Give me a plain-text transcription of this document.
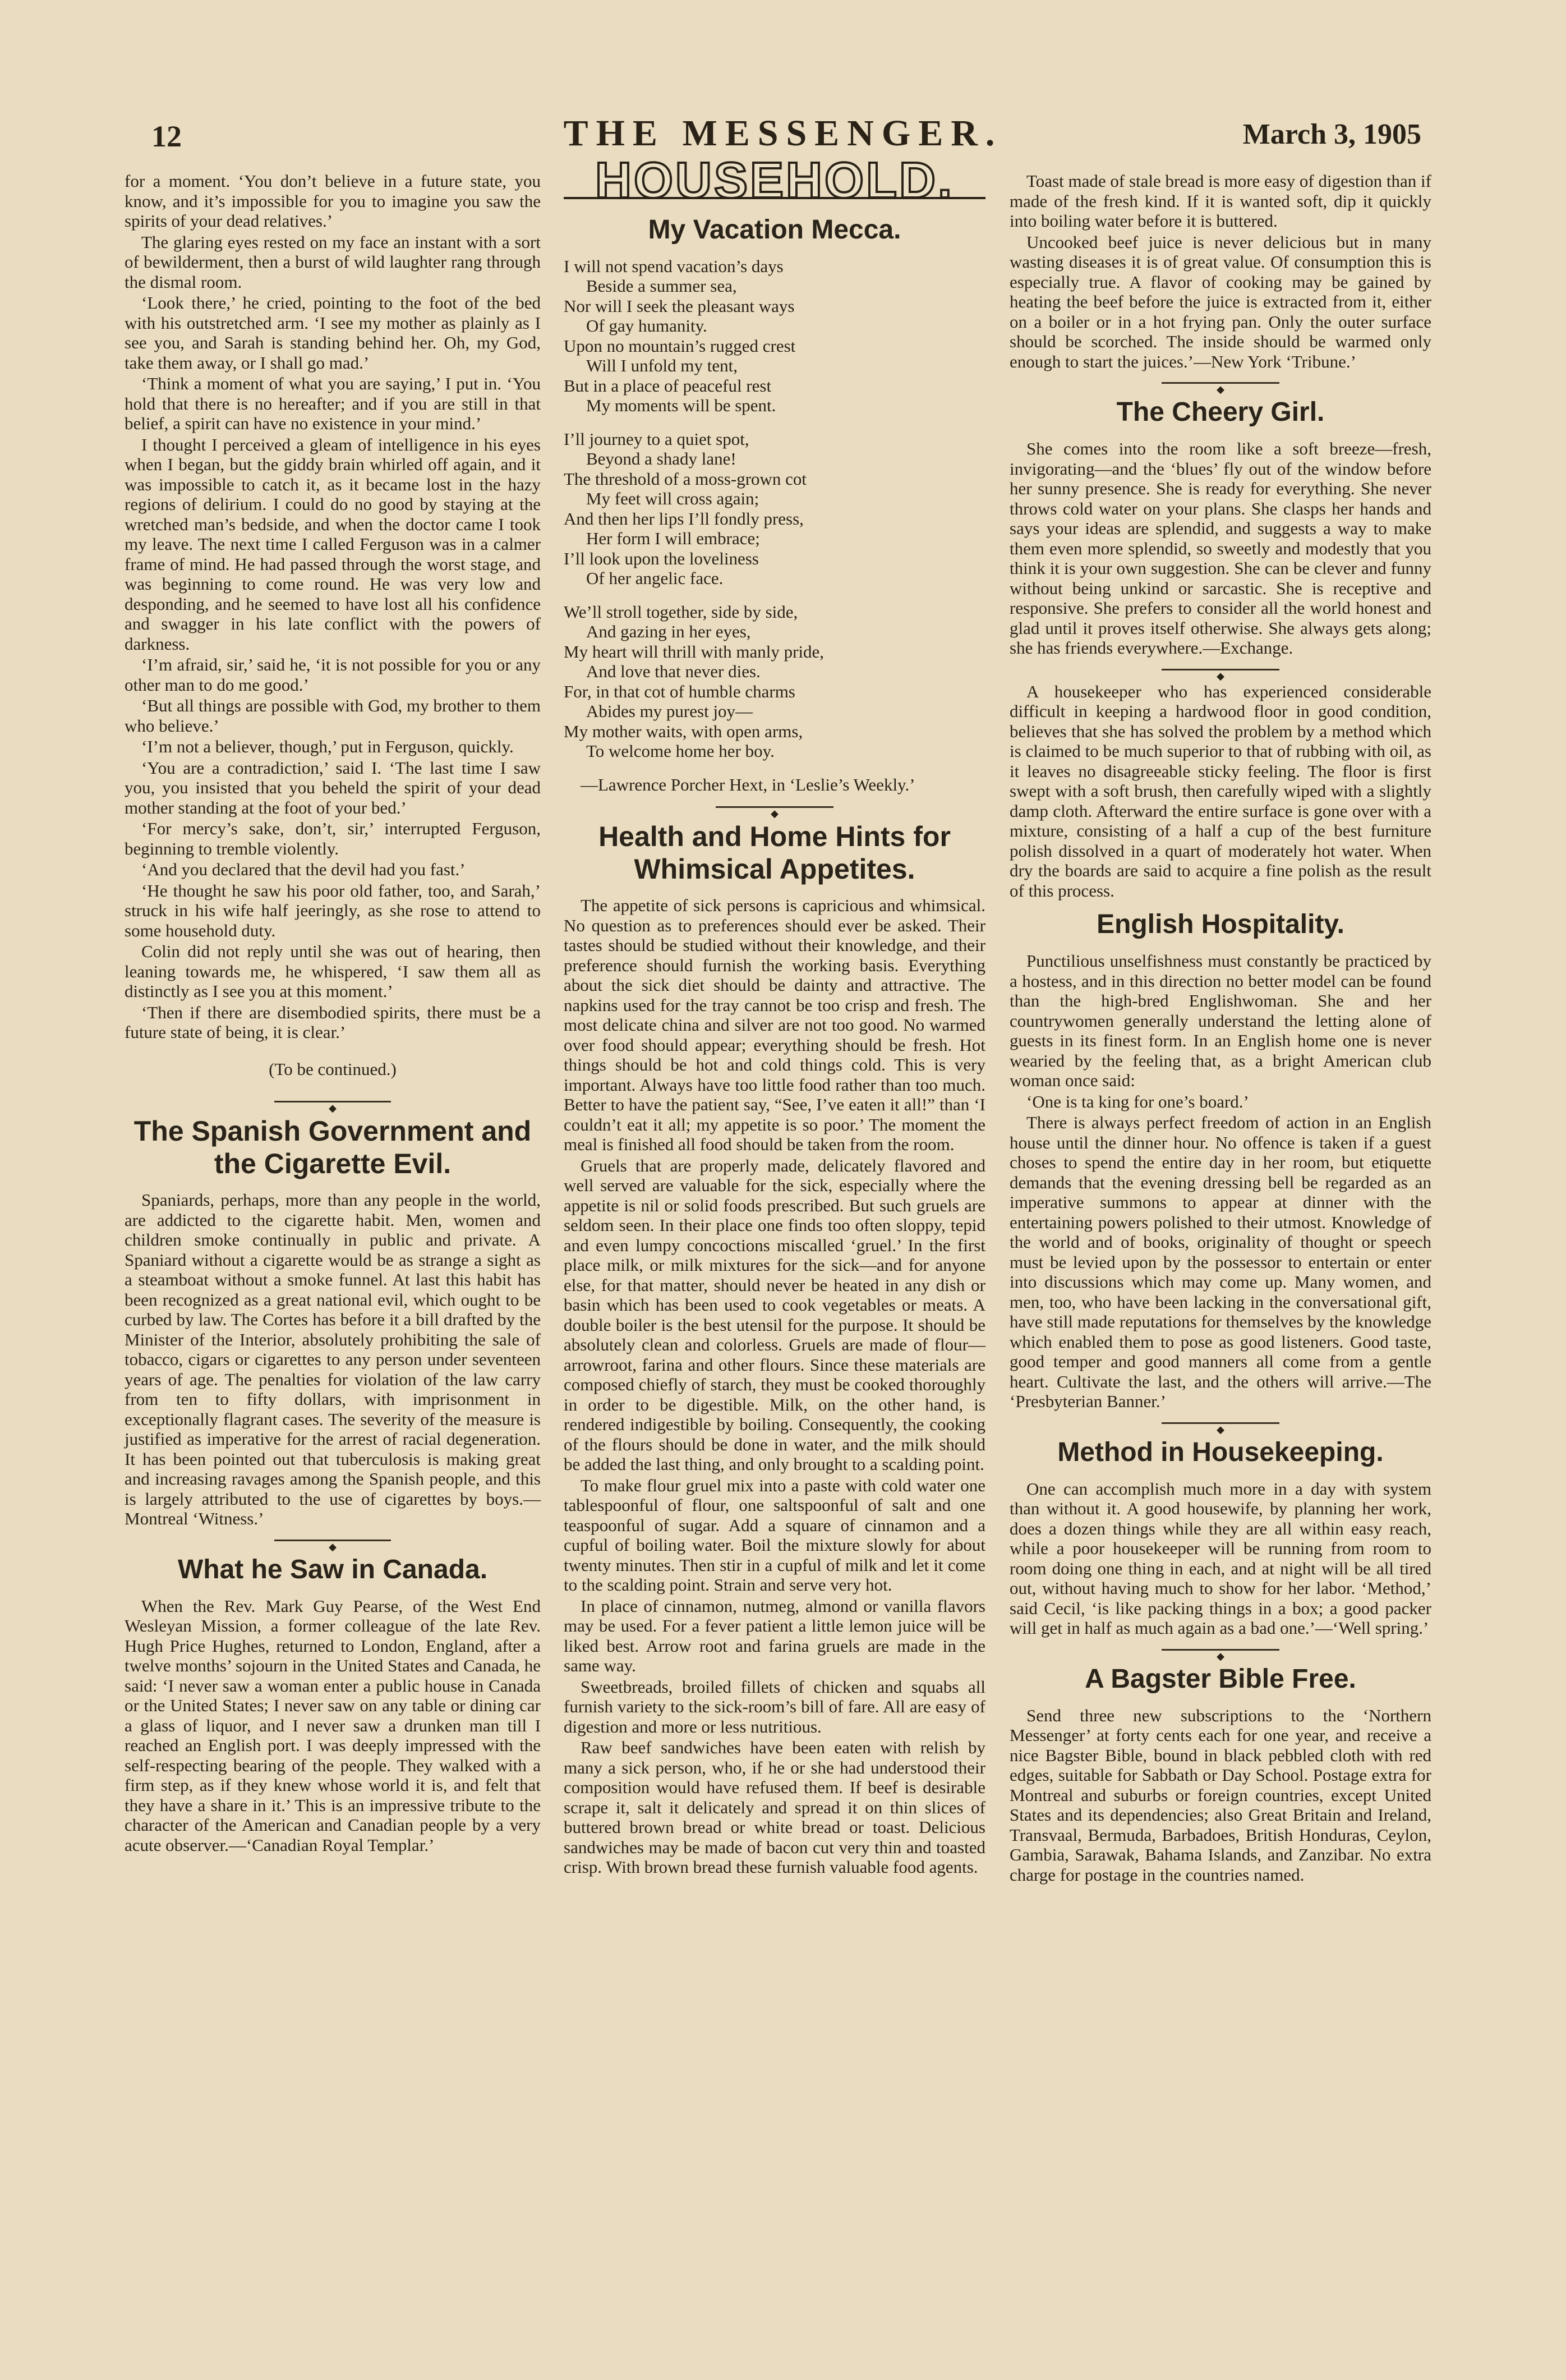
12	THE MESSENGER.	March 3, 1905

for a moment. ‘You don’t believe in a future state, you know, and it’s impossible for you to imagine you saw the spirits of your dead relatives.’

The glaring eyes rested on my face an instant with a sort of bewilderment, then a burst of wild laughter rang through the dismal room.

‘Look there,’ he cried, pointing to the foot of the bed with his outstretched arm. ‘I see my mother as plainly as I see you, and Sarah is standing behind her. Oh, my God, take them away, or I shall go mad.’

‘Think a moment of what you are saying,’ I put in. ‘You hold that there is no hereafter; and if you are still in that belief, a spirit can have no existence in your mind.’

I thought I perceived a gleam of intelligence in his eyes when I began, but the giddy brain whirled off again, and it was impossible to catch it, as it became lost in the hazy regions of delirium. I could do no good by staying at the wretched man’s bedside, and when the doctor came I took my leave. The next time I called Ferguson was in a calmer frame of mind. He had passed through the worst stage, and was beginning to come round. He was very low and desponding, and he seemed to have lost all his confidence and swagger in his late conflict with the powers of darkness.

‘I’m afraid, sir,’ said he, ‘it is not possible for you or any other man to do me good.’

‘But all things are possible with God, my brother to them who believe.’

‘I’m not a believer, though,’ put in Ferguson, quickly.

‘You are a contradiction,’ said I. ‘The last time I saw you, you insisted that you beheld the spirit of your dead mother standing at the foot of your bed.’

‘For mercy’s sake, don’t, sir,’ interrupted Ferguson, beginning to tremble violently.

‘And you declared that the devil had you fast.’

‘He thought he saw his poor old father, too, and Sarah,’ struck in his wife half jeeringly, as she rose to attend to some household duty.

Colin did not reply until she was out of hearing, then leaning towards me, he whispered, ‘I saw them all as distinctly as I see you at this moment.’

‘Then if there are disembodied spirits, there must be a future state of being, it is clear.’

(To be continued.)

◆
The Spanish Government and the Cigarette Evil.

Spaniards, perhaps, more than any people in the world, are addicted to the cigarette habit. Men, women and children smoke continually in public and private. A Spaniard without a cigarette would be as strange a sight as a steamboat without a smoke funnel. At last this habit has been recognized as a great national evil, which ought to be curbed by law. The Cortes has before it a bill drafted by the Minister of the Interior, absolutely prohibiting the sale of tobacco, cigars or cigarettes to any person under seventeen years of age. The penalties for violation of the law carry from ten to fifty dollars, with imprisonment in exceptionally flagrant cases. The severity of the measure is justified as imperative for the arrest of racial degeneration. It has been pointed out that tuberculosis is making great and increasing ravages among the Spanish people, and this is largely attributed to the use of cigarettes by boys.—Montreal ‘Witness.’

◆
What he Saw in Canada.

When the Rev. Mark Guy Pearse, of the West End Wesleyan Mission, a former colleague of the late Rev. Hugh Price Hughes, returned to London, England, after a twelve months’ sojourn in the United States and Canada, he said: ‘I never saw a woman enter a public house in Canada or the United States; I never saw on any table or dining car a glass of liquor, and I never saw a drunken man till I reached an English port. I was deeply impressed with the self-respecting bearing of the people. They walked with a firm step, as if they knew whose world it is, and felt that they have a share in it.’ This is an impressive tribute to the character of the American and Canadian people by a very acute observer.—‘Canadian Royal Templar.’

HOUSEHOLD.
My Vacation Mecca.
I will not spend vacation’s days
Beside a summer sea,
Nor will I seek the pleasant ways
Of gay humanity.
Upon no mountain’s rugged crest
Will I unfold my tent,
But in a place of peaceful rest
My moments will be spent.
I’ll journey to a quiet spot,
Beyond a shady lane!
The threshold of a moss-grown cot
My feet will cross again;
And then her lips I’ll fondly press,
Her form I will embrace;
I’ll look upon the loveliness
Of her angelic face.
We’ll stroll together, side by side,
And gazing in her eyes,
My heart will thrill with manly pride,
And love that never dies.
For, in that cot of humble charms
Abides my purest joy—
My mother waits, with open arms,
To welcome home her boy.

—Lawrence Porcher Hext, in ‘Leslie’s Weekly.’

◆
Health and Home Hints for Whimsical Appetites.

The appetite of sick persons is capricious and whimsical. No question as to preferences should ever be asked. Their tastes should be studied without their knowledge, and their preference should furnish the working basis. Everything about the sick diet should be dainty and attractive. The napkins used for the tray cannot be too crisp and fresh. The most delicate china and silver are not too good. No warmed over food should appear; everything should be fresh. Hot things should be hot and cold things cold. This is very important. Always have too little food rather than too much. Better to have the patient say, “See, I’ve eaten it all!” than ‘I couldn’t eat it all; my appetite is so poor.’ The moment the meal is finished all food should be taken from the room.

Gruels that are properly made, delicately flavored and well served are valuable for the sick, especially where the appetite is nil or solid foods prescribed. But such gruels are seldom seen. In their place one finds too often sloppy, tepid and even lumpy concoctions miscalled ‘gruel.’ In the first place milk, or milk mixtures for the sick—and for anyone else, for that matter, should never be heated in any dish or basin which has been used to cook vegetables or meats. A double boiler is the best utensil for the purpose. It should be absolutely clean and colorless. Gruels are made of flour—arrowroot, farina and other flours. Since these materials are composed chiefly of starch, they must be cooked thoroughly in order to be digestible. Milk, on the other hand, is rendered indigestible by boiling. Consequently, the cooking of the flours should be done in water, and the milk should be added the last thing, and only brought to a scalding point.

To make flour gruel mix into a paste with cold water one tablespoonful of flour, one saltspoonful of salt and one teaspoonful of sugar. Add a square of cinnamon and a cupful of boiling water. Boil the mixture slowly for about twenty minutes. Then stir in a cupful of milk and let it come to the scalding point. Strain and serve very hot.

In place of cinnamon, nutmeg, almond or vanilla flavors may be used. For a fever patient a little lemon juice will be liked best. Arrow root and farina gruels are made in the same way.

Sweetbreads, broiled fillets of chicken and squabs all furnish variety to the sick-room’s bill of fare. All are easy of digestion and more or less nutritious.

Raw beef sandwiches have been eaten with relish by many a sick person, who, if he or she had understood their composition would have refused them. If beef is desirable scrape it, salt it delicately and spread it on thin slices of buttered brown bread or white bread or toast. Delicious sandwiches may be made of bacon cut very thin and toasted crisp. With brown bread these furnish valuable food agents.

Toast made of stale bread is more easy of digestion than if made of the fresh kind. If it is wanted soft, dip it quickly into boiling water before it is buttered.

Uncooked beef juice is never delicious but in many wasting diseases it is of great value. Of consumption this is especially true. A flavor of cooking may be gained by heating the beef before the juice is extracted from it, either on a boiler or in a hot frying pan. Only the outer surface should be scorched. The inside should be warmed only enough to start the juices.’—New York ‘Tribune.’

◆
The Cheery Girl.

She comes into the room like a soft breeze—fresh, invigorating—and the ‘blues’ fly out of the window before her sunny presence. She is ready for everything. She never throws cold water on your plans. She clasps her hands and says your ideas are splendid, and suggests a way to make them even more splendid, so sweetly and modestly that you think it is your own suggestion. She can be clever and funny without being unkind or sarcastic. She is receptive and responsive. She prefers to consider all the world honest and glad until it proves itself otherwise. She always gets along; she has friends everywhere.—Exchange.

◆

A housekeeper who has experienced considerable difficult in keeping a hardwood floor in good condition, believes that she has solved the problem by a method which is claimed to be much superior to that of rubbing with oil, as it leaves no disagreeable sticky feeling. The floor is first swept with a soft brush, then carefully wiped with a slightly damp cloth. Afterward the entire surface is gone over with a mixture, consisting of a half a cup of the best furniture polish dissolved in a quart of moderately hot water. When dry the boards are said to acquire a fine polish as the result of this process.

English Hospitality.

Punctilious unselfishness must constantly be practiced by a hostess, and in this direction no better model can be found than the high-bred Englishwoman. She and her countrywomen generally understand the letting alone of guests in its finest form. In an English home one is never wearied by the feeling that, as a bright American club woman once said:

‘One is ta king for one’s board.’

There is always perfect freedom of action in an English house until the dinner hour. No offence is taken if a guest choses to spend the entire day in her room, but etiquette demands that the evening dressing bell be regarded as an imperative summons to appear at dinner with the entertaining powers polished to their utmost. Knowledge of the world and of books, originality of thought or speech must be levied upon by the possessor to entertain or enter into discussions which may come up. Many women, and men, too, who have been lacking in the conversational gift, have still made reputations for themselves by the knowledge which enabled them to pose as good listeners. Good taste, good temper and good manners all come from a gentle heart. Cultivate the last, and the others will arrive.—The ‘Presbyterian Banner.’

◆
Method in Housekeeping.

One can accomplish much more in a day with system than without it. A good housewife, by planning her work, does a dozen things while they are all within easy reach, while a poor housekeeper will be running from room to room doing one thing in each, and at night will be all tired out, without having much to show for her labor. ‘Method,’ said Cecil, ‘is like packing things in a box; a good packer will get in half as much again as a bad one.’—‘Well spring.’

◆
A Bagster Bible Free.

Send three new subscriptions to the ‘Northern Messenger’ at forty cents each for one year, and receive a nice Bagster Bible, bound in black pebbled cloth with red edges, suitable for Sabbath or Day School. Postage extra for Montreal and suburbs or foreign countries, except United States and its dependencies; also Great Britain and Ireland, Transvaal, Bermuda, Barbadoes, British Honduras, Ceylon, Gambia, Sarawak, Bahama Islands, and Zanzibar. No extra charge for postage in the countries named.
